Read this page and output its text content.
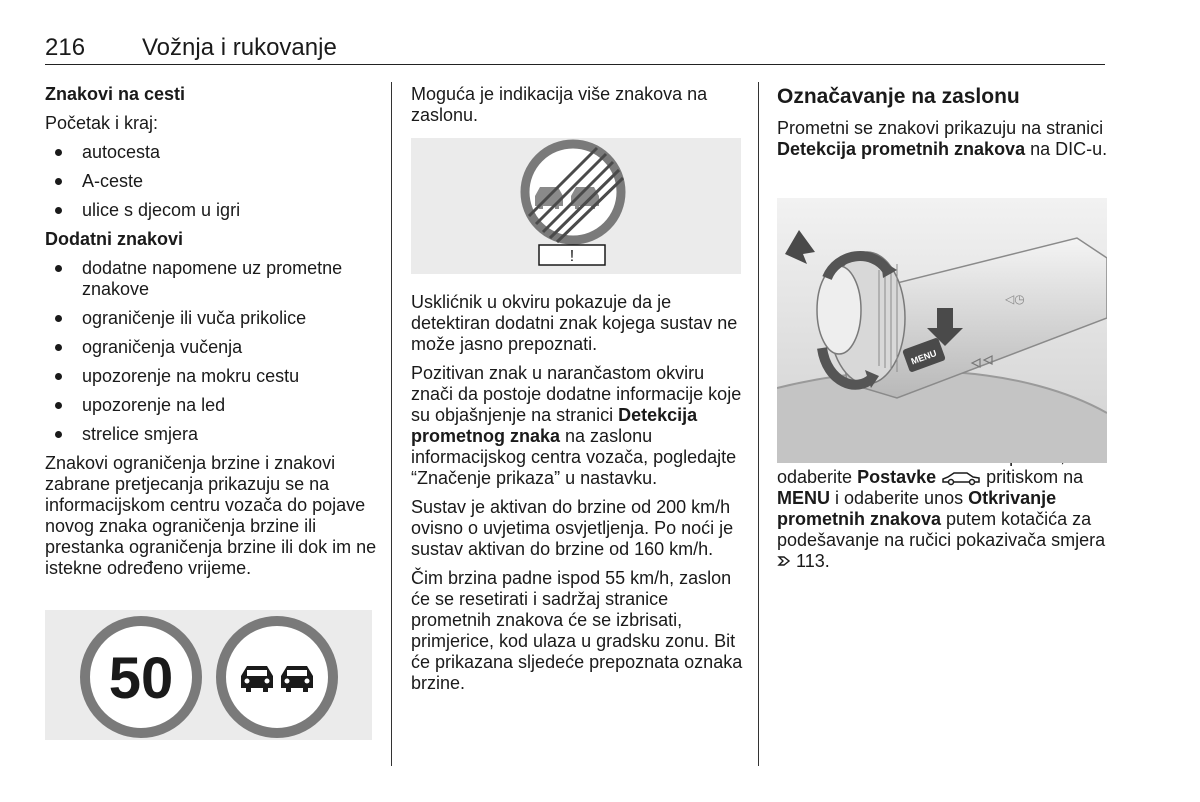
216 Vožnja i rukovanje

Znakovi na cesti

Početak i kraj:

autocesta
A-ceste
ulice s djecom u igri

Dodatni znakovi

dodatne napomene uz prometne znakove
ograničenje ili vuča prikolice
ograničenja vučenja
upozorenje na mokru cestu
upozorenje na led
strelice smjera

Znakovi ograničenja brzine i znakovi zabrane pretjecanja prikazuju se na informacijskom centru vozača do pojave novog znaka ograničenja brzine ili prestanka ograničenja brzine ili dok im ne istekne određeno vrijeme.

50

Moguća je indikacija više znakova na zaslonu.

Usklićnik u okviru pokazuje da je detektiran dodatni znak kojega sustav ne može jasno prepoznati.

Pozitivan znak u narančastom okviru znači da postoje dodatne informacije koje su objašnjenje na stranici Detekcija prometnog znaka na zaslonu informacijskog centra vozača, pogledajte “Značenje prikaza” u nastavku.

Sustav je aktivan do brzine od 200 km/h ovisno o uvjetima osvjetljenja. Po noći je sustav aktivan do brzine od 160 km/h.

Čim brzina padne ispod 55 km/h, zaslon će se resetirati i sadržaj stranice prometnih znakova će se izbrisati, primjerice, kod ulaza u gradsku zonu. Bit će prikazana sljedeće prepoznata oznaka brzine.

!

Označavanje na zaslonu

Prometni se znakovi prikazuju na stranici Detekcija prometnih znakova na DIC-u.

odaberite Postavke	pritiskom na MENU i odaberite unos Otkrivanje prometnih znakova putem kotačića za podešavanje na ručici pokazivača smjera  113.

MENU
◁◷
